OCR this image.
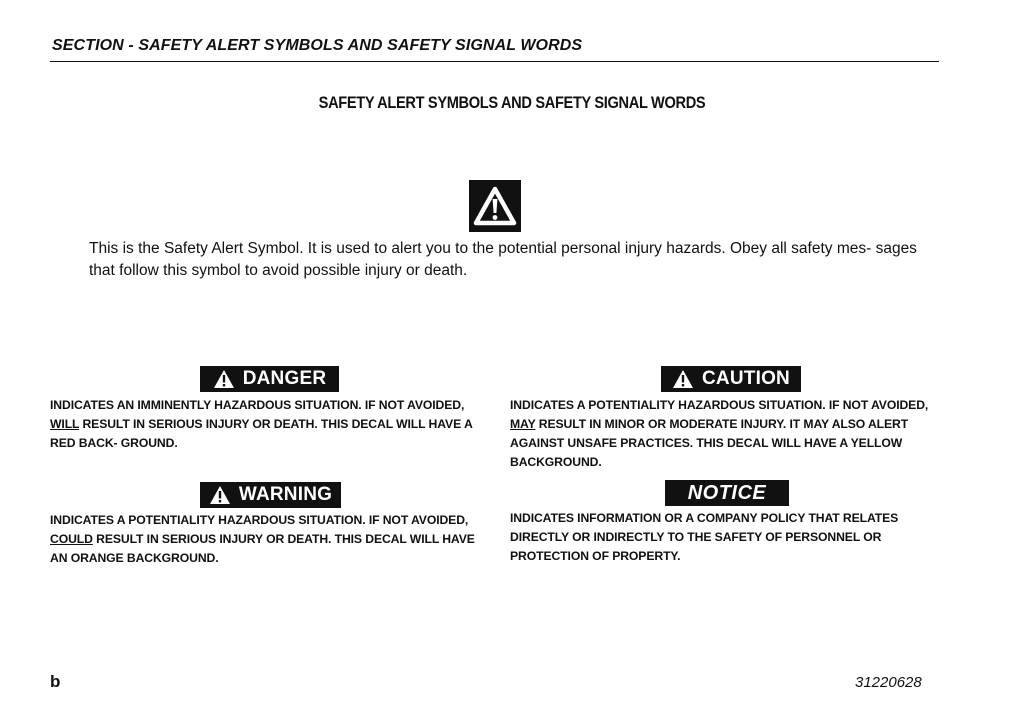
SECTION - SAFETY ALERT SYMBOLS AND SAFETY SIGNAL WORDS
SAFETY ALERT SYMBOLS AND SAFETY SIGNAL WORDS
This is the Safety Alert Symbol. It is used to alert you to the potential personal injury hazards. Obey all safety mes- sages that follow this symbol to avoid possible injury or death.
DANGER
INDICATES AN IMMINENTLY HAZARDOUS SITUATION. IF NOT AVOIDED, WILL RESULT IN SERIOUS INJURY OR DEATH. THIS DECAL WILL HAVE A RED BACK- GROUND.
CAUTION
INDICATES A POTENTIALITY HAZARDOUS SITUATION. IF NOT AVOIDED, MAY RESULT IN MINOR OR MODERATE INJURY. IT MAY ALSO ALERT AGAINST UNSAFE PRACTICES. THIS DECAL WILL HAVE A YELLOW BACKGROUND.
WARNING
INDICATES A POTENTIALITY HAZARDOUS SITUATION. IF NOT AVOIDED, COULD RESULT IN SERIOUS INJURY OR DEATH. THIS DECAL WILL HAVE AN ORANGE BACKGROUND.
NOTICE
INDICATES INFORMATION OR A COMPANY POLICY THAT RELATES DIRECTLY OR INDIRECTLY TO THE SAFETY OF PERSONNEL OR PROTECTION OF PROPERTY.
b	31220628
